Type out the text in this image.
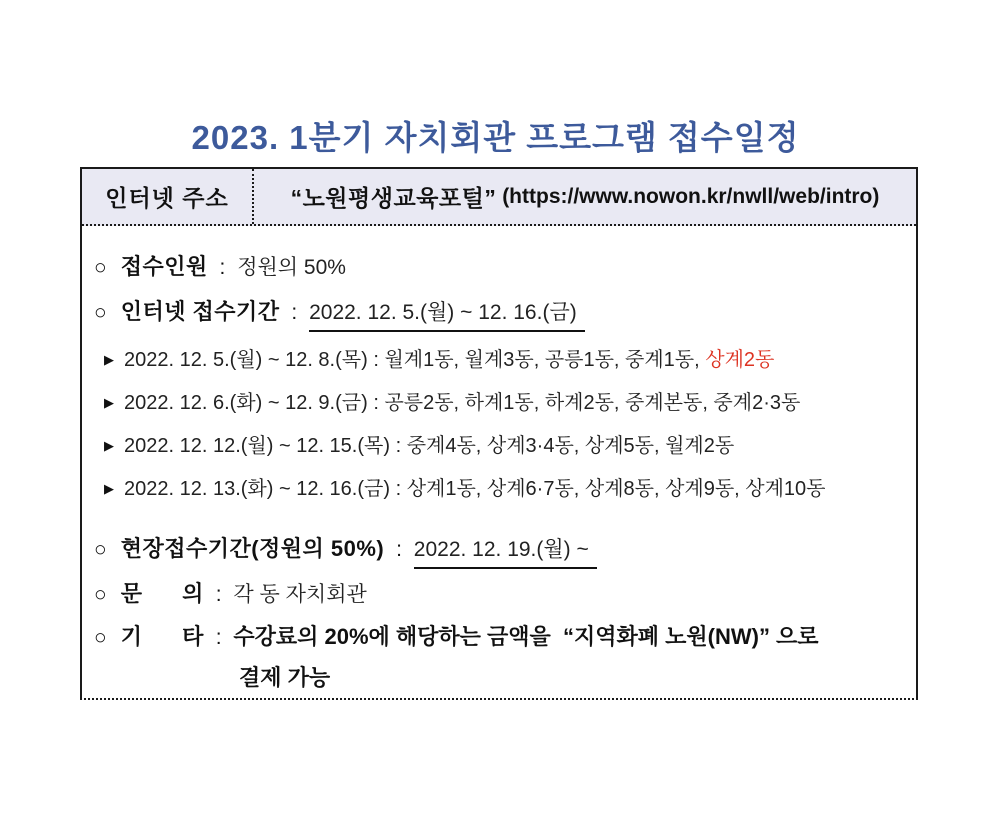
2023. 1분기 자치회관 프로그램 접수일정
인터넷 주소	“노원평생교육포털” (https://www.nowon.kr/nwll/web/intro)
○ 접수인원 : 정원의 50%
○ 인터넷 접수기간 : 2022. 12. 5.(월) ~ 12. 16.(금)
▶ 2022. 12. 5.(월) ~ 12. 8.(목) : 월계1동, 월계3동, 공릉1동, 중계1동, 상계2동
▶ 2022. 12. 6.(화) ~ 12. 9.(금) : 공릉2동, 하계1동, 하계2동, 중계본동, 중계2·3동
▶ 2022. 12. 12.(월) ~ 12. 15.(목) : 중계4동, 상계3·4동, 상계5동, 월계2동
▶ 2022. 12. 13.(화) ~ 12. 16.(금) : 상계1동, 상계6·7동, 상계8동, 상계9동, 상계10동
○ 현장접수기간(정원의 50%) : 2022. 12. 19.(월) ~
○ 문      의 : 각 동 자치회관
○ 기      타 : 수강료의 20%에 해당하는 금액을  “지역화폐 노원(NW)” 으로
결제 가능
